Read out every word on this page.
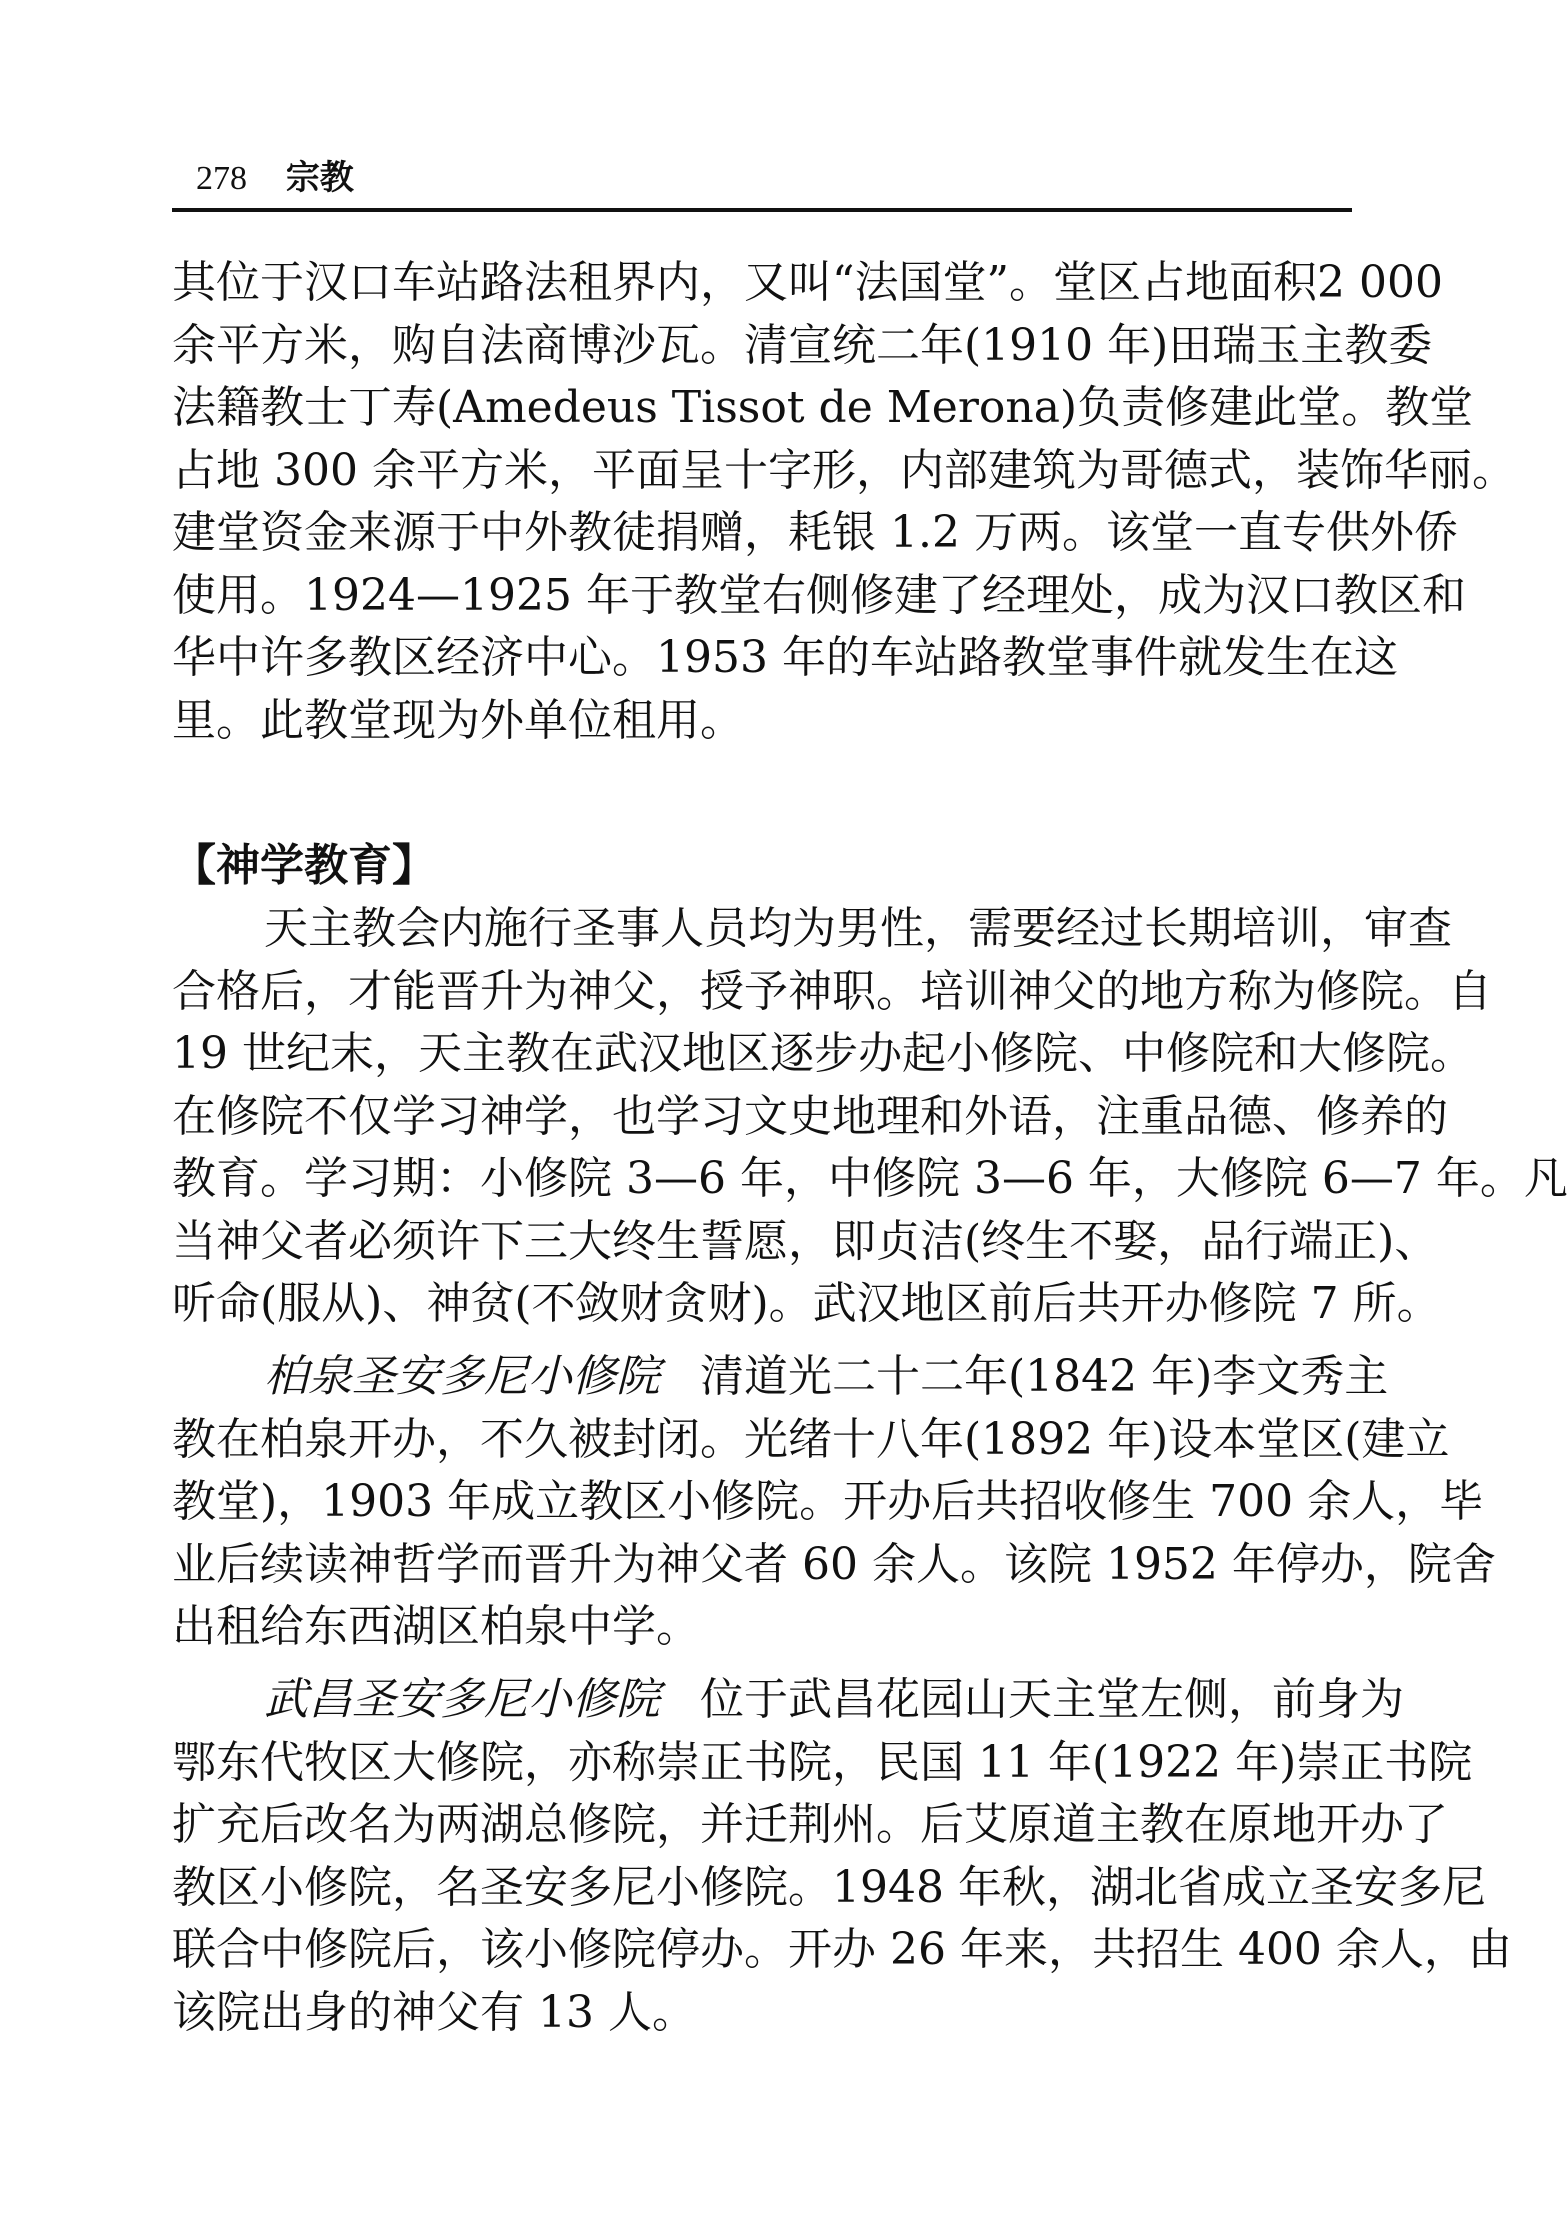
278 宗教
其位于汉口车站路法租界内，又叫“法国堂”。堂区占地面积2 000
余平方米，购自法商博沙瓦。清宣统二年(1910 年)田瑞玉主教委
法籍教士丁寿(Amedeus Tissot de Merona)负责修建此堂。教堂
占地 300 余平方米，平面呈十字形，内部建筑为哥德式，装饰华丽。
建堂资金来源于中外教徒捐赠，耗银 1.2 万两。该堂一直专供外侨
使用。1924—1925 年于教堂右侧修建了经理处，成为汉口教区和
华中许多教区经济中心。1953 年的车站路教堂事件就发生在这
里。此教堂现为外单位租用。
【神学教育】
天主教会内施行圣事人员均为男性，需要经过长期培训，审查
合格后，才能晋升为神父，授予神职。培训神父的地方称为修院。自
19 世纪末，天主教在武汉地区逐步办起小修院、中修院和大修院。
在修院不仅学习神学，也学习文史地理和外语，注重品德、修养的
教育。学习期：小修院 3—6 年，中修院 3—6 年，大修院 6—7 年。凡
当神父者必须许下三大终生誓愿，即贞洁(终生不娶，品行端正)、
听命(服从)、神贫(不敛财贪财)。武汉地区前后共开办修院 7 所。
柏泉圣安多尼小修院 清道光二十二年(1842 年)李文秀主
教在柏泉开办，不久被封闭。光绪十八年(1892 年)设本堂区(建立
教堂)，1903 年成立教区小修院。开办后共招收修生 700 余人，毕
业后续读神哲学而晋升为神父者 60 余人。该院 1952 年停办，院舍
出租给东西湖区柏泉中学。
武昌圣安多尼小修院 位于武昌花园山天主堂左侧，前身为
鄂东代牧区大修院，亦称崇正书院，民国 11 年(1922 年)崇正书院
扩充后改名为两湖总修院，并迁荆州。后艾原道主教在原地开办了
教区小修院，名圣安多尼小修院。1948 年秋，湖北省成立圣安多尼
联合中修院后，该小修院停办。开办 26 年来，共招生 400 余人，由
该院出身的神父有 13 人。
